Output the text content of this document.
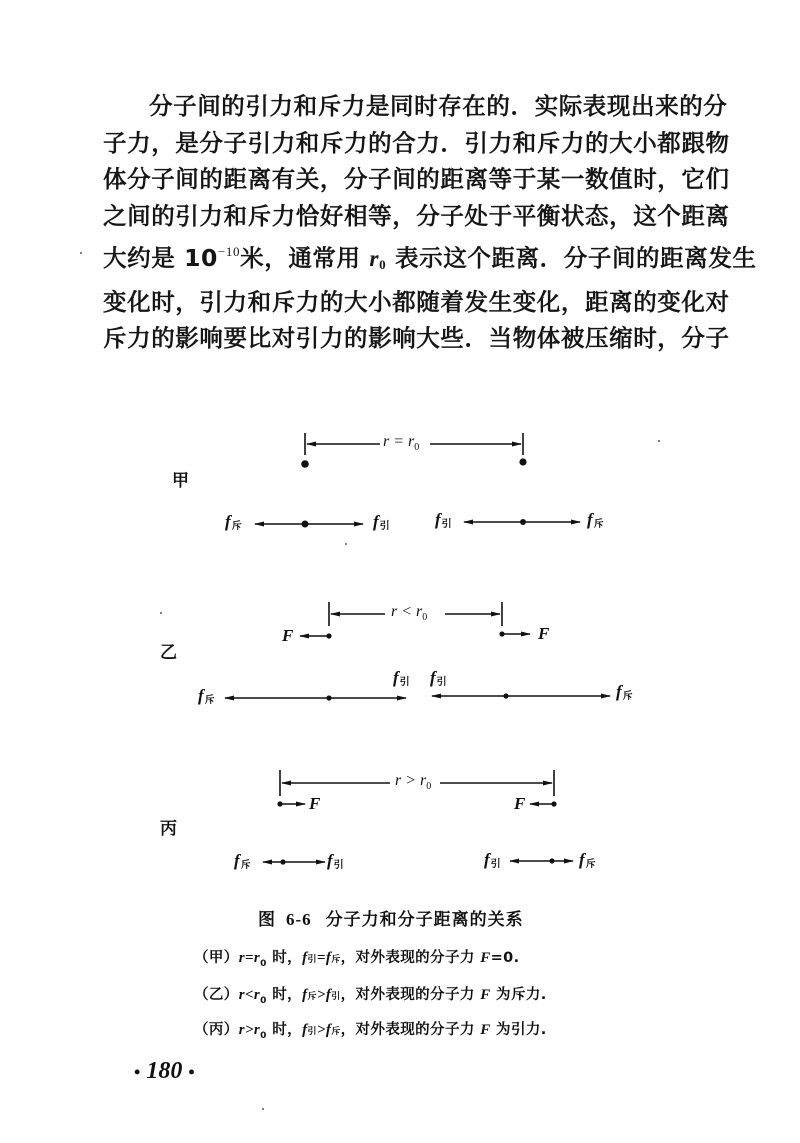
分子间的引力和斥力是同时存在的．实际表现出来的分
子力，是分子引力和斥力的合力．引力和斥力的大小都跟物
体分子间的距离有关，分子间的距离等于某一数值时，它们
之间的引力和斥力恰好相等，分子处于平衡状态，这个距离
大约是 $10^{-10}$米，通常用 $r_0$ 表示这个距离．分子间的距离发生
变化时，引力和斥力的大小都随着发生变化，距离的变化对
斥力的影响要比对引力的影响大些．当物体被压缩时，分子
甲
乙
丙
$r = r_0$
$r < r_0$
$r > r_0$
f斥	f引	f引	f斥
F	F
f斥
f引 f引	f斥
F	F
f斥	f引	f引	f斥
图 6-6 分子力和分子距离的关系
（甲）$r=r_0$ 时，f引=f斥，对外表现的分子力 F=0.
（乙）$r<r_0$ 时，f斥>f引，对外表现的分子力 F 为斥力.
（丙）$r>r_0$ 时，f引>f斥，对外表现的分子力 F 为引力.
• 180 •
